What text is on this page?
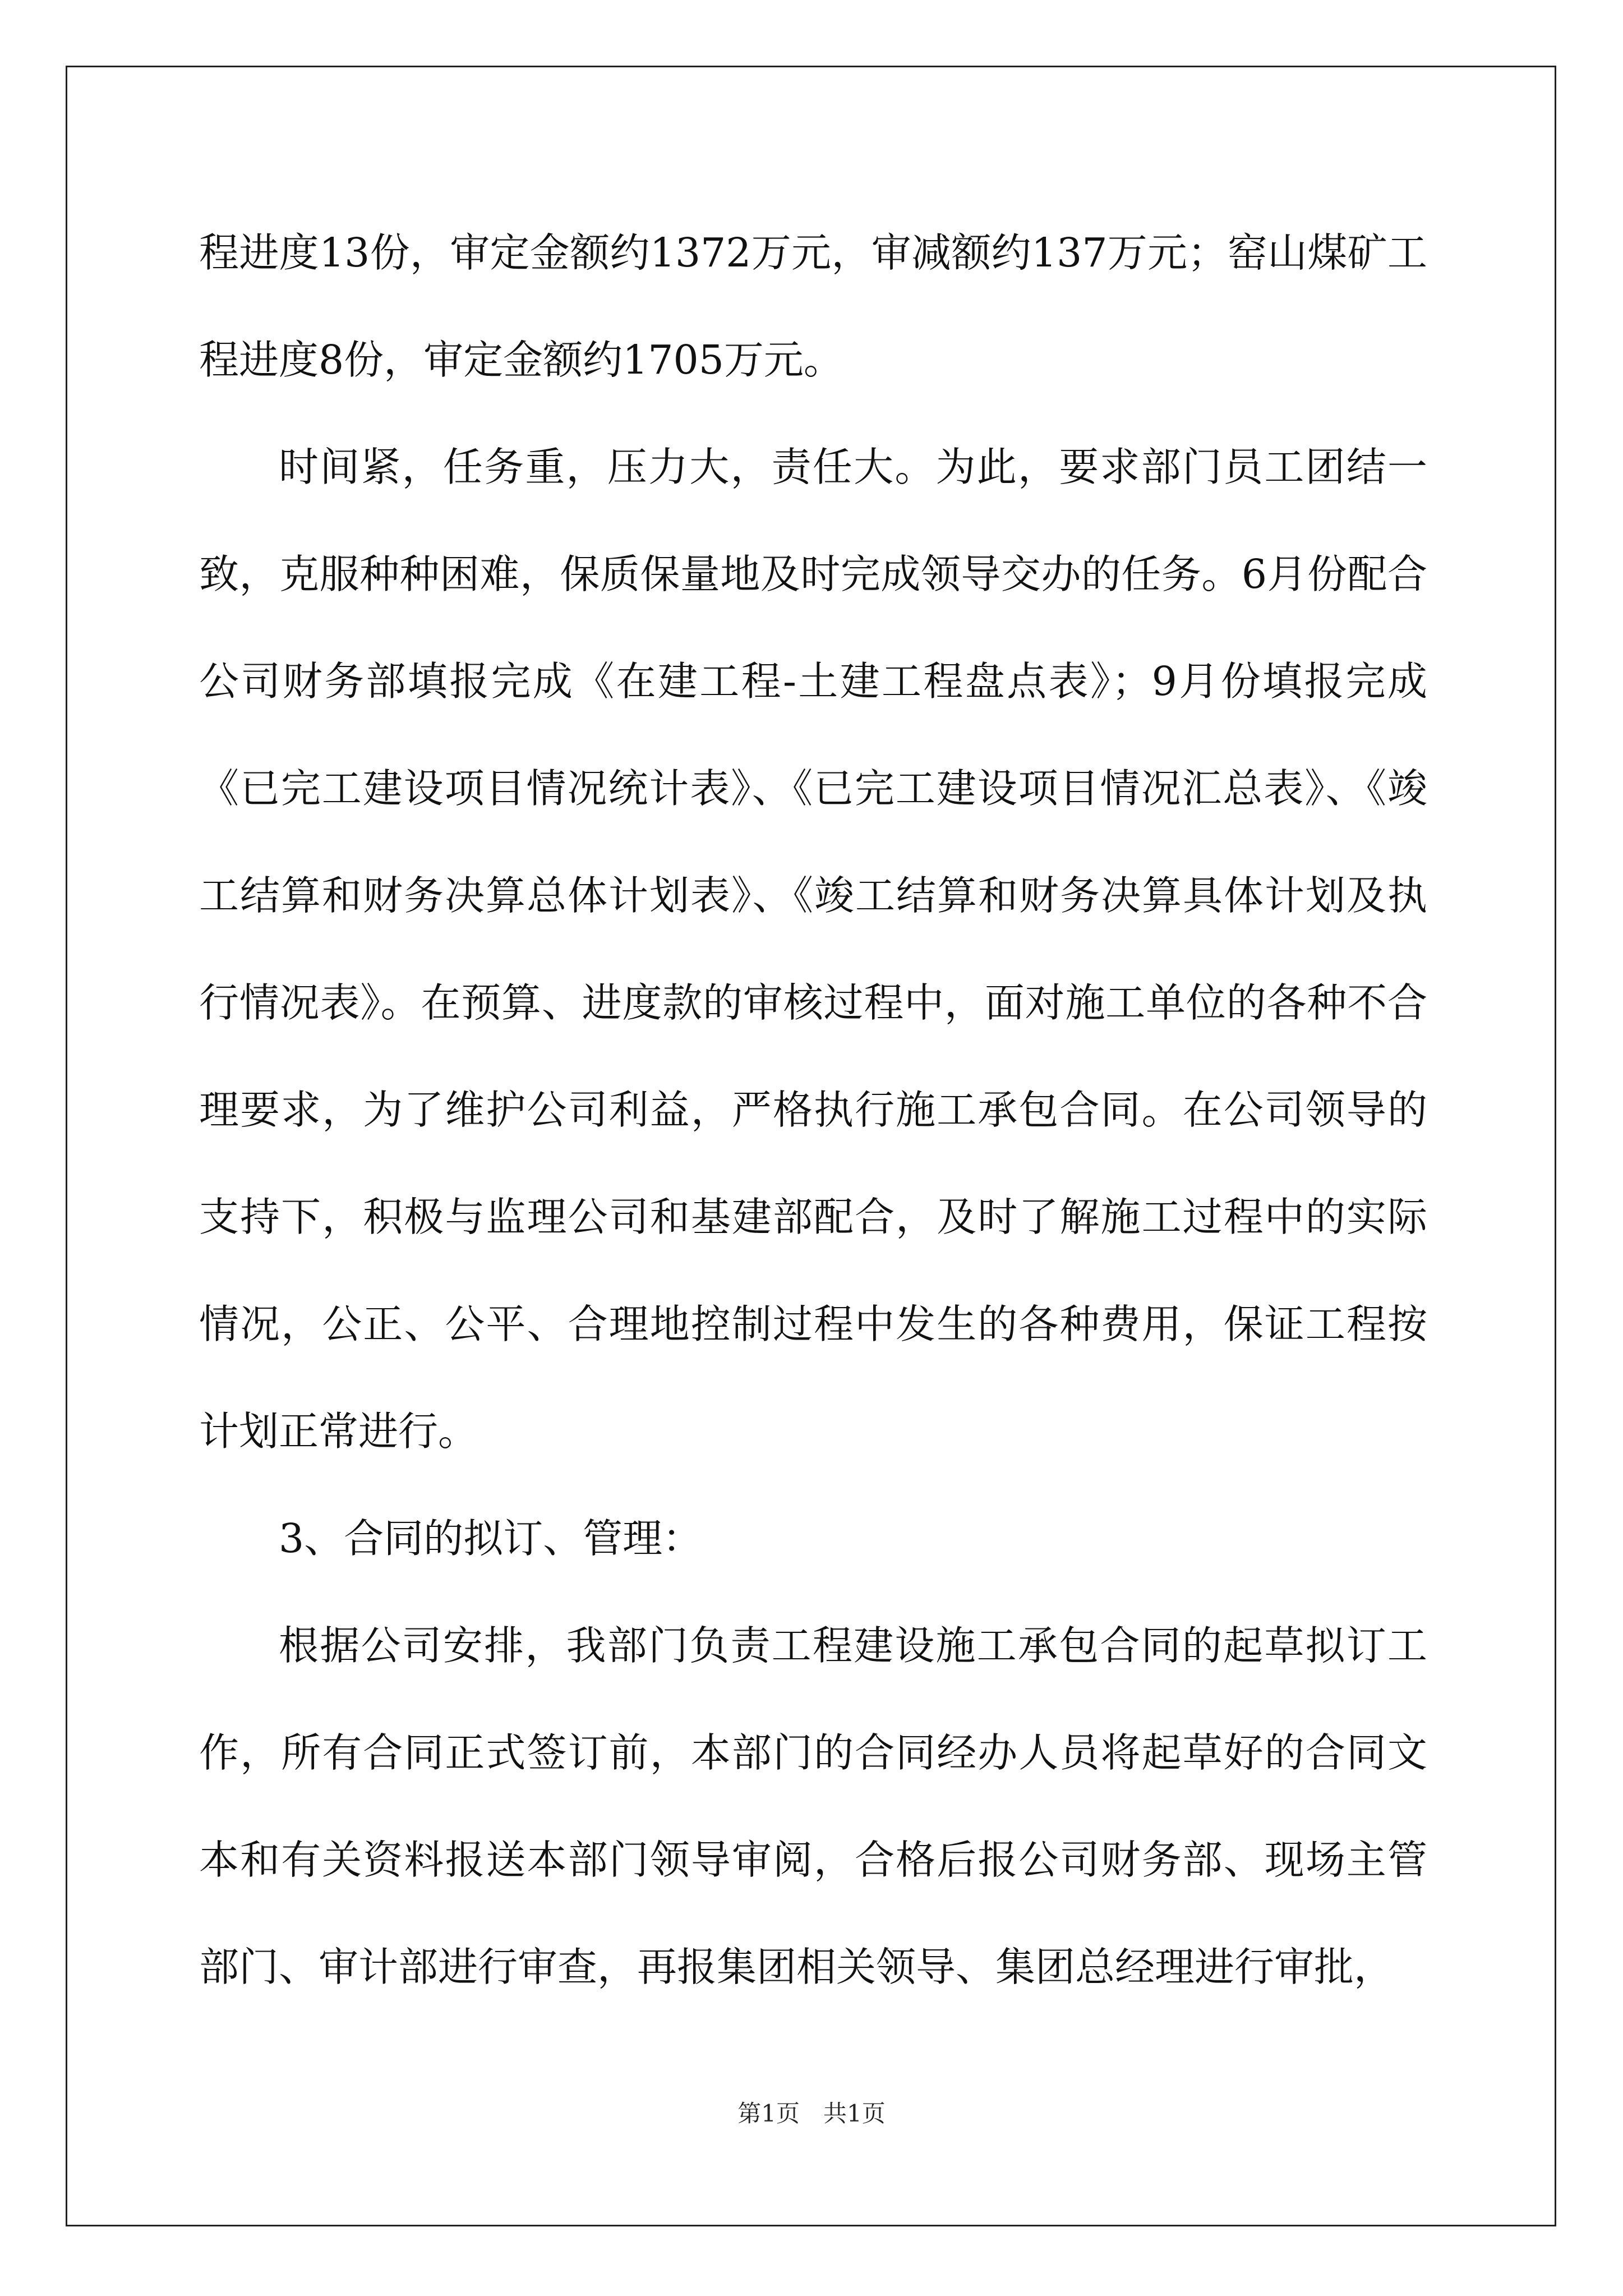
程进度13份，审定金额约1372万元，审减额约137万元；窑山煤矿工程进度8份，审定金额约1705万元。

时间紧，任务重，压力大，责任大。为此，要求部门员工团结一致，克服种种困难，保质保量地及时完成领导交办的任务。6月份配合公司财务部填报完成《在建工程-土建工程盘点表》；9月份填报完成《已完工建设项目情况统计表》、《已完工建设项目情况汇总表》、《竣工结算和财务决算总体计划表》、《竣工结算和财务决算具体计划及执行情况表》。在预算、进度款的审核过程中，面对施工单位的各种不合理要求，为了维护公司利益，严格执行施工承包合同。在公司领导的支持下，积极与监理公司和基建部配合，及时了解施工过程中的实际情况，公正、公平、合理地控制过程中发生的各种费用，保证工程按计划正常进行。

3、合同的拟订、管理：

根据公司安排，我部门负责工程建设施工承包合同的起草拟订工作，所有合同正式签订前，本部门的合同经办人员将起草好的合同文本和有关资料报送本部门领导审阅，合格后报公司财务部、现场主管部门、审计部进行审查，再报集团相关领导、集团总经理进行审批，

第1页　共1页
